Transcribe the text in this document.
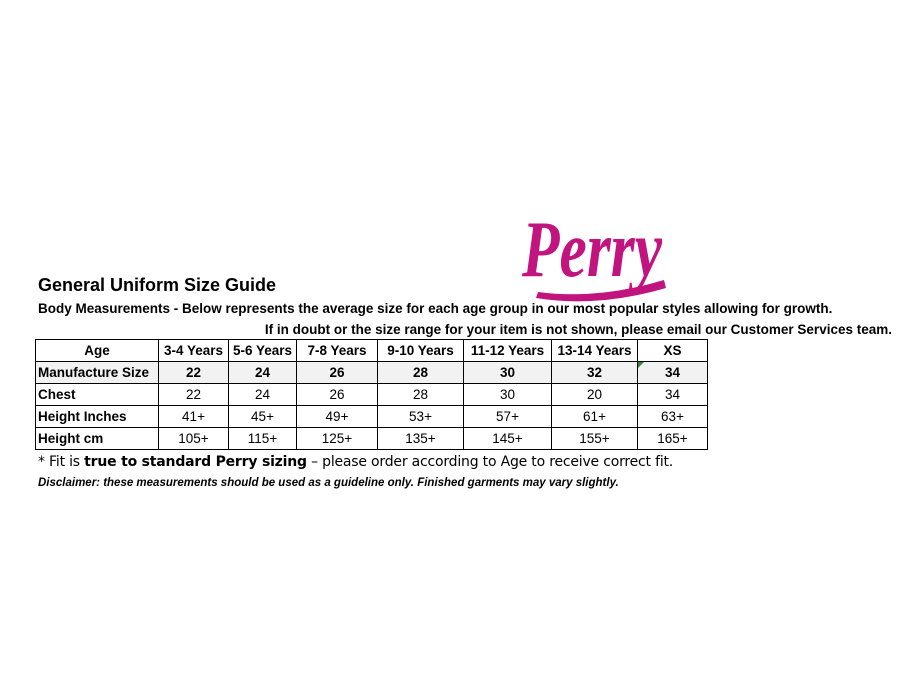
Perry
General Uniform Size Guide
Body Measurements - Below represents the average size for each age group in our most popular styles allowing for growth.
If in doubt or the size range for your item is not shown, please email our Customer Services team.
Age	3-4 Years	5-6 Years	7-8 Years	9-10 Years	11-12 Years	13-14 Years	XS
Manufacture Size	22	24	26	28	30	32	34
Chest	22	24	26	28	30	20	34
Height Inches	41+	45+	49+	53+	57+	61+	63+
Height cm	105+	115+	125+	135+	145+	155+	165+
* Fit is true to standard Perry sizing – please order according to Age to receive correct fit.
Disclaimer: these measurements should be used as a guideline only. Finished garments may vary slightly.
